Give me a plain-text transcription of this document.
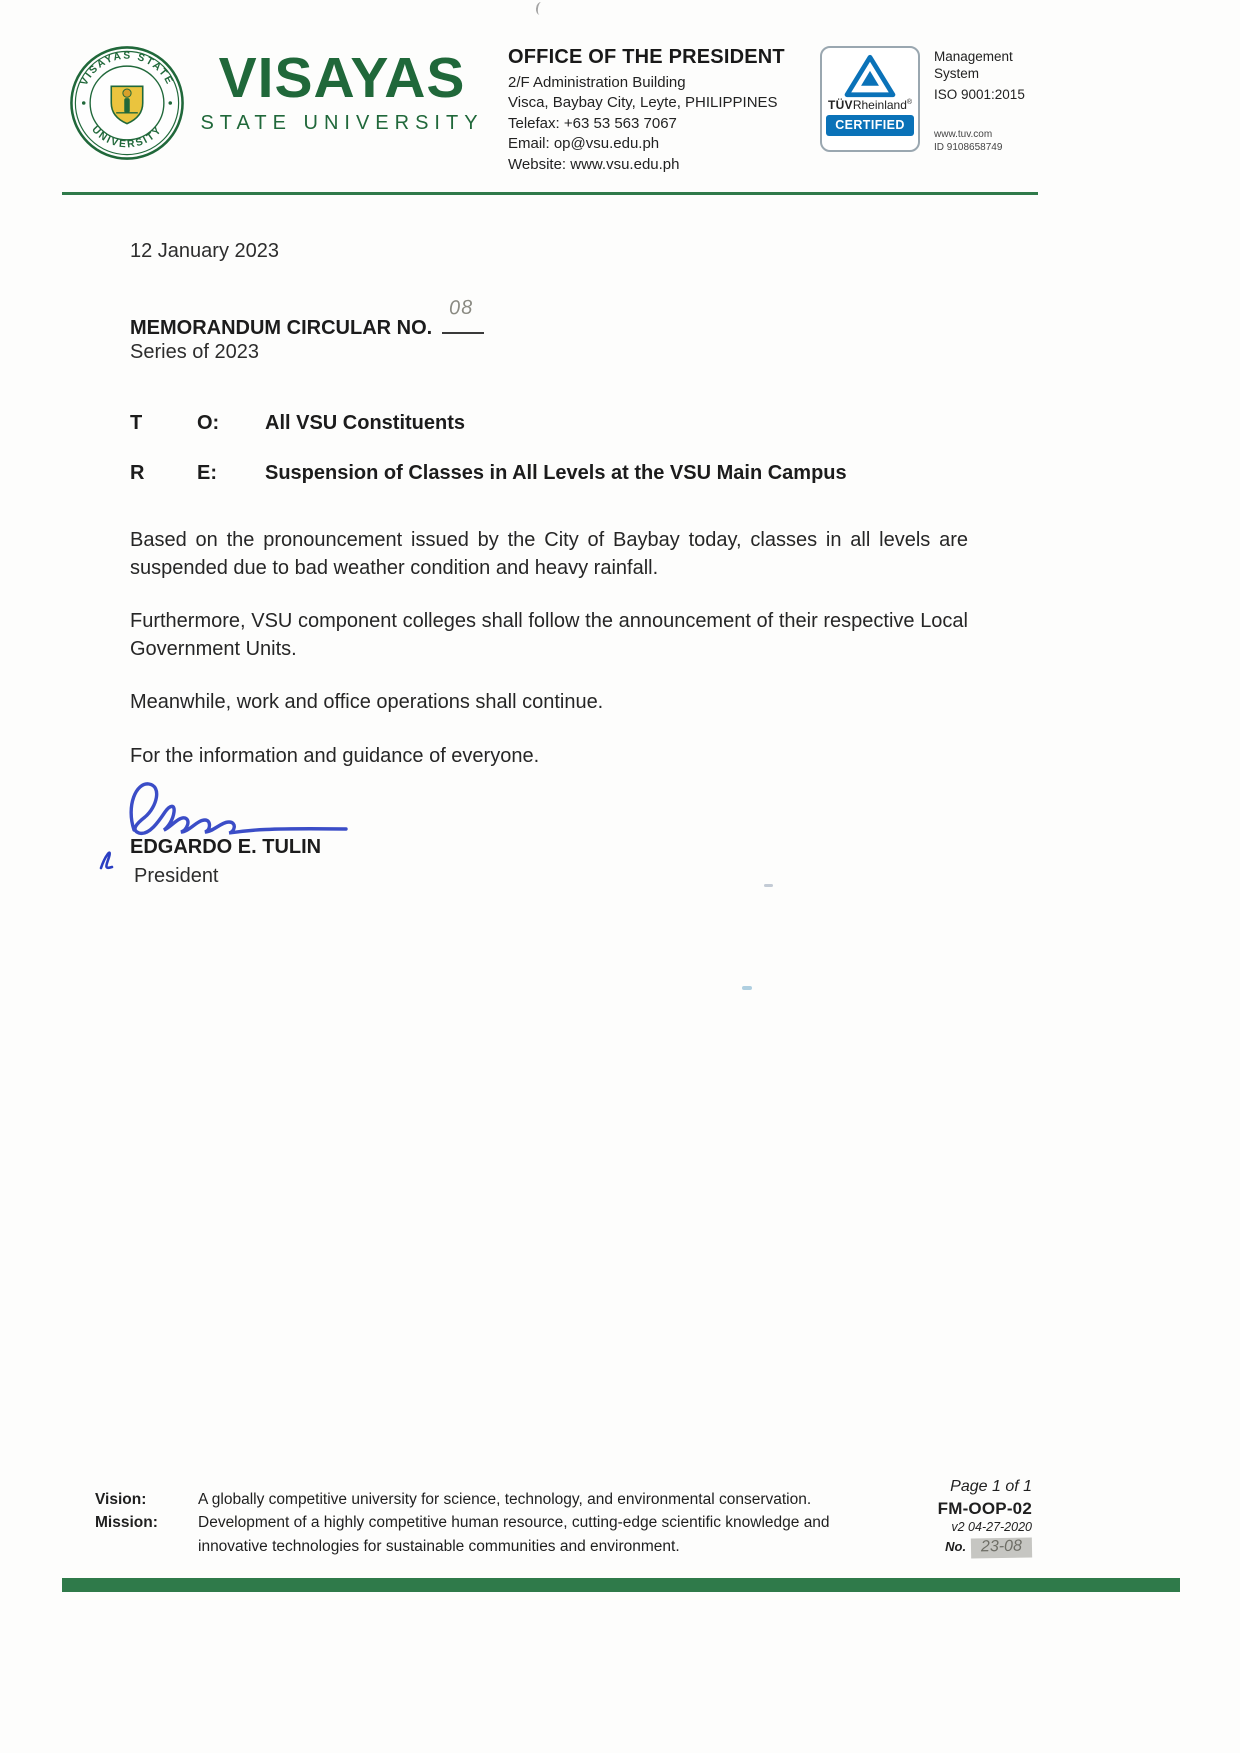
VISAYAS STATE
UNIVERSITY
VISAYAS
STATE UNIVERSITY
OFFICE OF THE PRESIDENT
2/F Administration Building
Visca, Baybay City, Leyte, PHILIPPINES
Telefax: +63 53 563 7067
Email: op@vsu.edu.ph
Website: www.vsu.edu.ph
TÜVRheinland®
CERTIFIED
Management
System
ISO 9001:2015
www.tuv.com
ID 9108658749
12 January 2023
MEMORANDUM CIRCULAR NO.
08
Series of 2023
T	O:	All VSU Constituents
R	E:	Suspension of Classes in All Levels at the VSU Main Campus

Based on the pronouncement issued by the City of Baybay today, classes in all levels are suspended due to bad weather condition and heavy rainfall.

Furthermore, VSU component colleges shall follow the announcement of their respective Local Government Units.

Meanwhile, work and office operations shall continue.

For the information and guidance of everyone.

EDGARDO E. TULIN
President
Vision:	A globally competitive university for science, technology, and environmental conservation.
Mission:	Development of a highly competitive human resource, cutting-edge scientific knowledge and innovative technologies for sustainable communities and environment.
Page 1 of 1
FM-OOP-02
v2 04-27-2020
No. 23-08
